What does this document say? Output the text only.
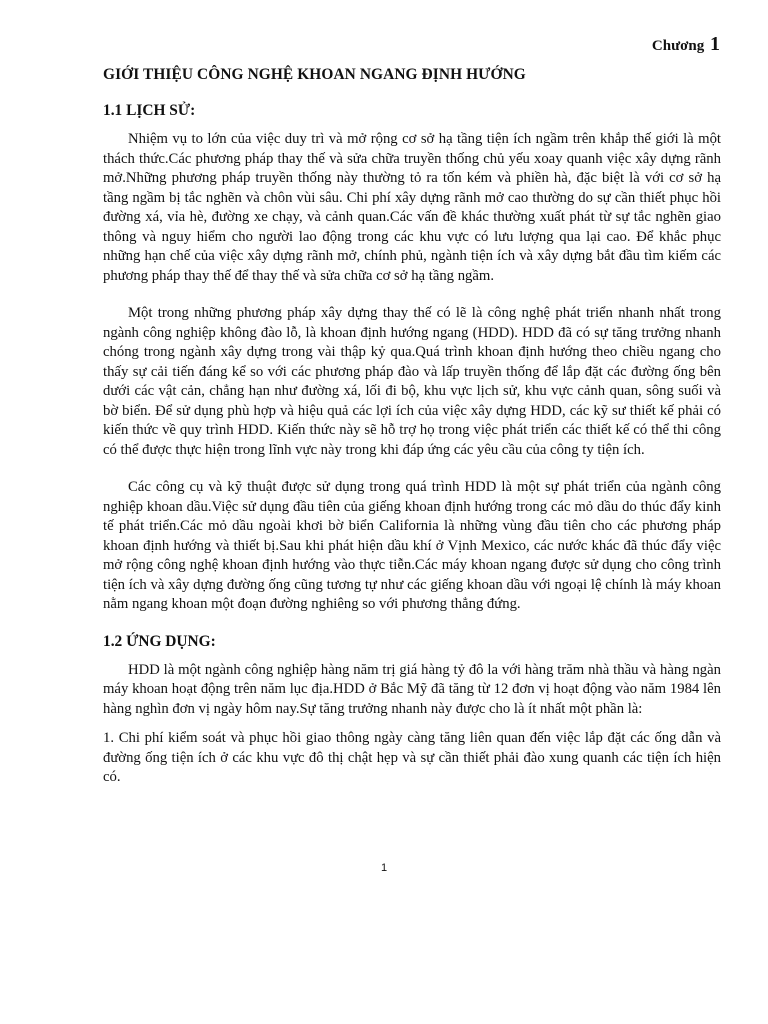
Chương 1
GIỚI THIỆU CÔNG NGHỆ KHOAN NGANG ĐỊNH HƯỚNG
1.1 LỊCH SỬ:

Nhiệm vụ to lớn của việc duy trì và mở rộng cơ sở hạ tầng tiện ích ngầm trên khắp thế giới là một thách thức.Các phương pháp thay thế và sửa chữa truyền thống chủ yếu xoay quanh việc xây dựng rãnh mở.Những phương pháp truyền thống này thường tỏ ra tốn kém và phiền hà, đặc biệt là với cơ sở hạ tầng ngầm bị tắc nghẽn và chôn vùi sâu. Chi phí xây dựng rãnh mở cao thường do sự cần thiết phục hồi đường xá, vỉa hè, đường xe chạy, và cảnh quan.Các vấn đề khác thường xuất phát từ sự tắc nghẽn giao thông và nguy hiểm cho người lao động trong các khu vực có lưu lượng qua lại cao. Để khắc phục những hạn chế của việc xây dựng rãnh mở, chính phủ, ngành tiện ích và xây dựng bắt đầu tìm kiếm các phương pháp thay thế để thay thế và sửa chữa cơ sở hạ tầng ngầm.

Một trong những phương pháp xây dựng thay thế có lẽ là công nghệ phát triển nhanh nhất trong ngành công nghiệp không đào lỗ, là khoan định hướng ngang (HDD). HDD đã có sự tăng trưởng nhanh chóng trong ngành xây dựng trong vài thập kỷ qua.Quá trình khoan định hướng theo chiều ngang cho thấy sự cải tiến đáng kể so với các phương pháp đào và lấp truyền thống để lắp đặt các đường ống bên dưới các vật cản, chẳng hạn như đường xá, lối đi bộ, khu vực lịch sử, khu vực cảnh quan, sông suối và bờ biển. Để sử dụng phù hợp và hiệu quả các lợi ích của việc xây dựng HDD, các kỹ sư thiết kế phải có kiến thức về quy trình HDD. Kiến thức này sẽ hỗ trợ họ trong việc phát triển các thiết kế có thể thi công có thể được thực hiện trong lĩnh vực này trong khi đáp ứng các yêu cầu của công ty tiện ích.

Các công cụ và kỹ thuật được sử dụng trong quá trình HDD là một sự phát triển của ngành công nghiệp khoan dầu.Việc sử dụng đầu tiên của giếng khoan định hướng trong các mỏ dầu do thúc đẩy kinh tế phát triển.Các mỏ dầu ngoài khơi bờ biển California là những vùng đầu tiên cho các phương pháp khoan định hướng và thiết bị.Sau khi phát hiện dầu khí ở Vịnh Mexico, các nước khác đã thúc đẩy việc mở rộng công nghệ khoan định hướng vào thực tiễn.Các máy khoan ngang được sử dụng cho công trình tiện ích và xây dựng đường ống cũng tương tự như các giếng khoan dầu với ngoại lệ chính là máy khoan nằm ngang khoan một đoạn đường nghiêng so với phương thẳng đứng.

1.2 ỨNG DỤNG:

HDD là một ngành công nghiệp hàng năm trị giá hàng tỷ đô la với hàng trăm nhà thầu và hàng ngàn máy khoan hoạt động trên năm lục địa.HDD ở Bắc Mỹ đã tăng từ 12 đơn vị hoạt động vào năm 1984 lên hàng nghìn đơn vị ngày hôm nay.Sự tăng trưởng nhanh này được cho là ít nhất một phần là:

1. Chi phí kiểm soát và phục hồi giao thông ngày càng tăng liên quan đến việc lắp đặt các ống dẫn và đường ống tiện ích ở các khu vực đô thị chật hẹp và sự cần thiết phải đào xung quanh các tiện ích hiện có.

1
